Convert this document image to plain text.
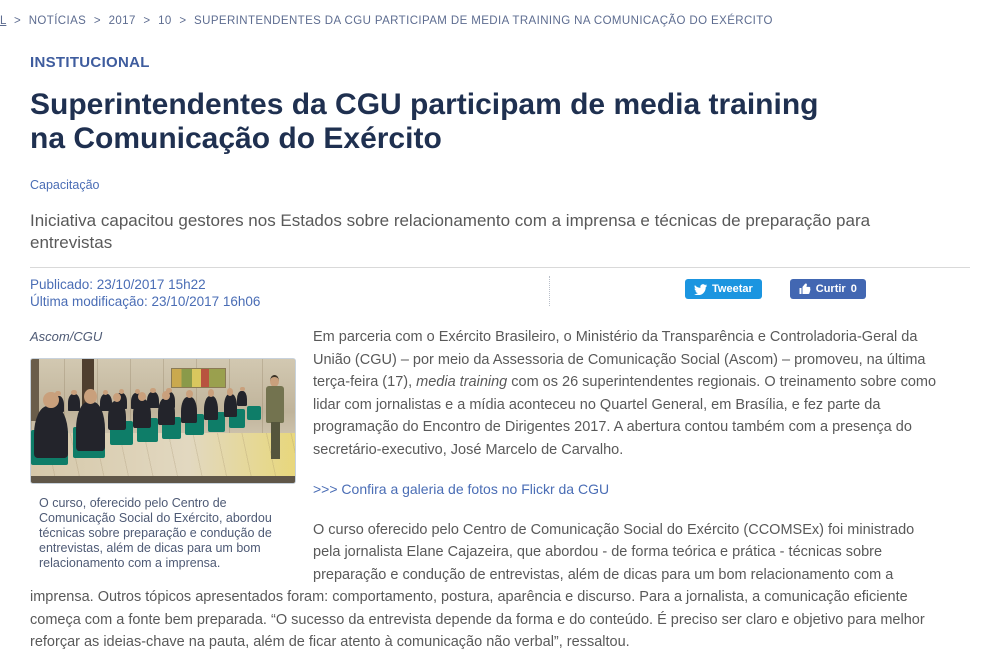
L > NOTÍCIAS > 2017 > 10 > SUPERINTENDENTES DA CGU PARTICIPAM DE MEDIA TRAINING NA COMUNICAÇÃO DO EXÉRCITO
INSTITUCIONAL
Superintendentes da CGU participam de media training na Comunicação do Exército
Capacitação
Iniciativa capacitou gestores nos Estados sobre relacionamento com a imprensa e técnicas de preparação para entrevistas
Publicado: 23/10/2017 15h22
Última modificação: 23/10/2017 16h06
Tweetar	Curtir 0
Ascom/CGU
O curso, oferecido pelo Centro de Comunicação Social do Exército, abordou técnicas sobre preparação e condução de entrevistas, além de dicas para um bom relacionamento com a imprensa.

Em parceria com o Exército Brasileiro, o Ministério da Transparência e Controladoria-Geral da União (CGU) – por meio da Assessoria de Comunicação Social (Ascom) – promoveu, na última terça-feira (17), media training com os 26 superintendentes regionais. O treinamento sobre como lidar com jornalistas e a mídia aconteceu no Quartel General, em Brasília, e fez parte da programação do Encontro de Dirigentes 2017. A abertura contou também com a presença do secretário-executivo, José Marcelo de Carvalho.

>>> Confira a galeria de fotos no Flickr da CGU

O curso oferecido pelo Centro de Comunicação Social do Exército (CCOMSEx) foi ministrado pela jornalista Elane Cajazeira, que abordou - de forma teórica e prática - técnicas sobre preparação e condução de entrevistas, além de dicas para um bom relacionamento com a imprensa. Outros tópicos apresentados foram: comportamento, postura, aparência e discurso. Para a jornalista, a comunicação eficiente começa com a fonte bem preparada. “O sucesso da entrevista depende da forma e do conteúdo. É preciso ser claro e objetivo para melhor reforçar as ideias-chave na pauta, além de ficar atento à comunicação não verbal”, ressaltou.
